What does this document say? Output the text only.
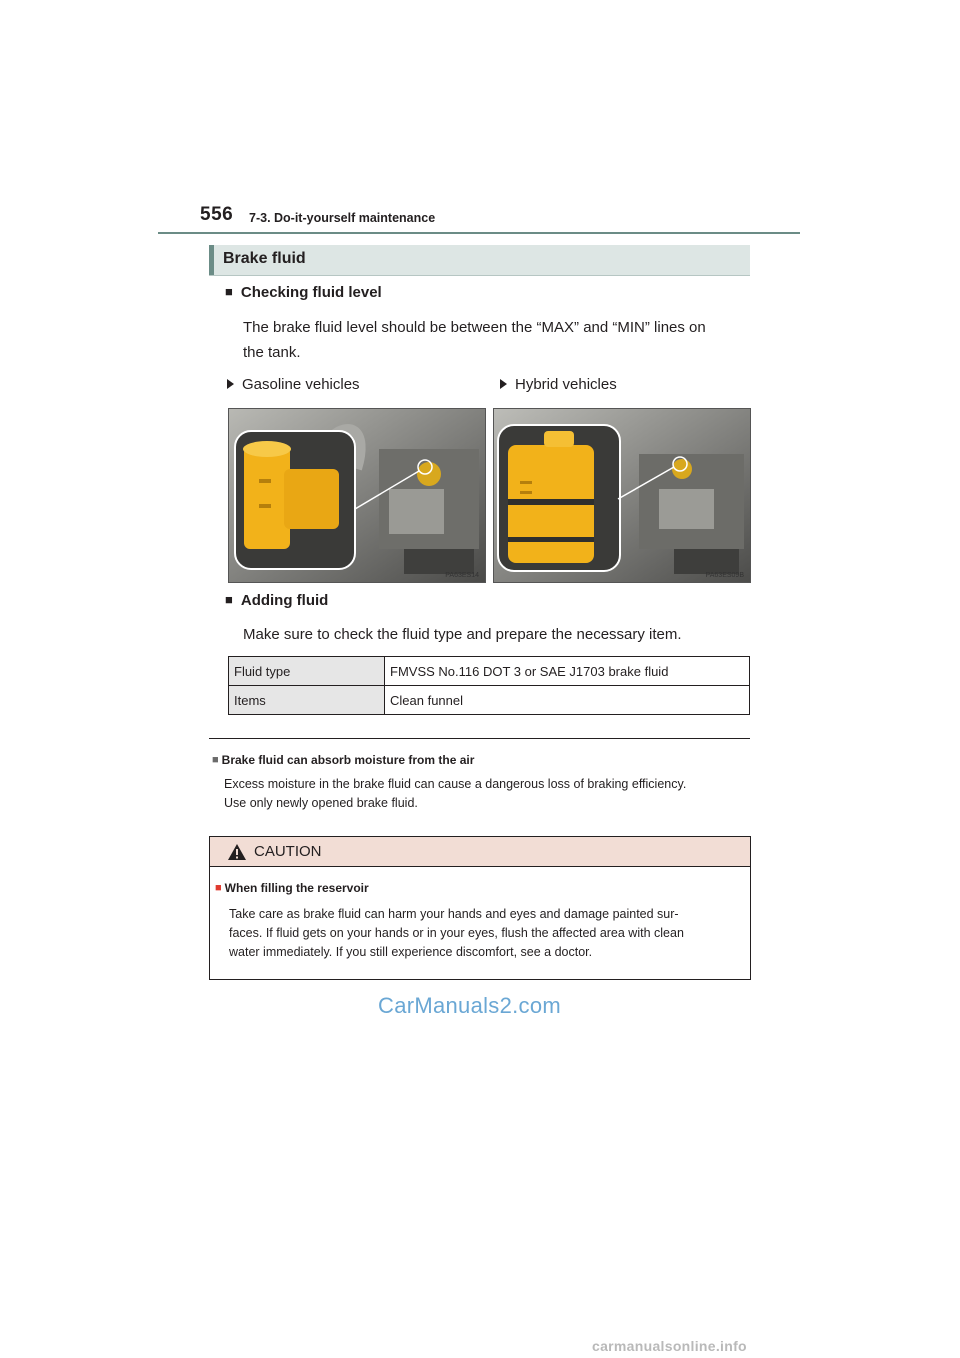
556 7-3. Do-it-yourself maintenance
Brake fluid
■ Checking fluid level
The brake fluid level should be between the “MAX” and “MIN” lines on
the tank.
Gasoline vehicles	Hybrid vehicles
PA63ES14	PA63ES09B
■ Adding fluid
Make sure to check the fluid type and prepare the necessary item.
Fluid type	FMVSS No.116 DOT 3 or SAE J1703 brake fluid
Items	Clean funnel
■ Brake fluid can absorb moisture from the air
Excess moisture in the brake fluid can cause a dangerous loss of braking efficiency.
Use only newly opened brake fluid.
CAUTION
■ When filling the reservoir
Take care as brake fluid can harm your hands and eyes and damage painted sur-
faces. If fluid gets on your hands or in your eyes, flush the affected area with clean
water immediately. If you still experience discomfort, see a doctor.
CarManuals2.com
carmanualsonline.info
